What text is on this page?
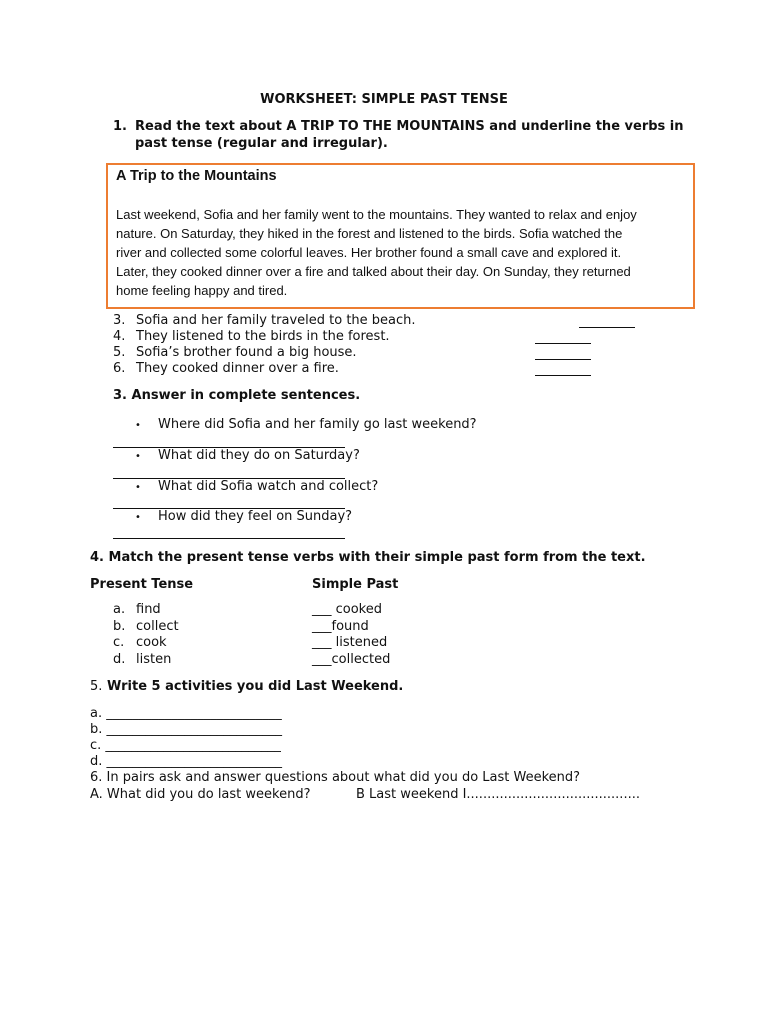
WORKSHEET: SIMPLE PAST TENSE
1. Read the text about A TRIP TO THE MOUNTAINS and underline the verbs in
past tense (regular and irregular).
A Trip to the Mountains
Last weekend, Sofia and her family went to the mountains. They wanted to relax and enjoy
nature. On Saturday, they hiked in the forest and listened to the birds. Sofia watched the
river and collected some colorful leaves. Her brother found a small cave and explored it.
Later, they cooked dinner over a fire and talked about their day. On Sunday, they returned
home feeling happy and tired.
3. Sofia and her family traveled to the beach.
4. They listened to the birds in the forest.
5. Sofia’s brother found a big house.
6. They cooked dinner over a fire.
3. Answer in complete sentences.
• Where did Sofia and her family go last weekend?
• What did they do on Saturday?
• What did Sofia watch and collect?
• How did they feel on Sunday?
4. Match the present tense verbs with their simple past form from the text.
Present Tense	Simple Past
a. find	___ cooked
b. collect	___found
c. cook	___ listened
d. listen	___collected
5. Write 5 activities you did Last Weekend.
a. ___________________________
b. ___________________________
c. ___________________________
d. ___________________________
6. In pairs ask and answer questions about what did you do Last Weekend?
A. What did you do last weekend?	B Last weekend I..........................................
